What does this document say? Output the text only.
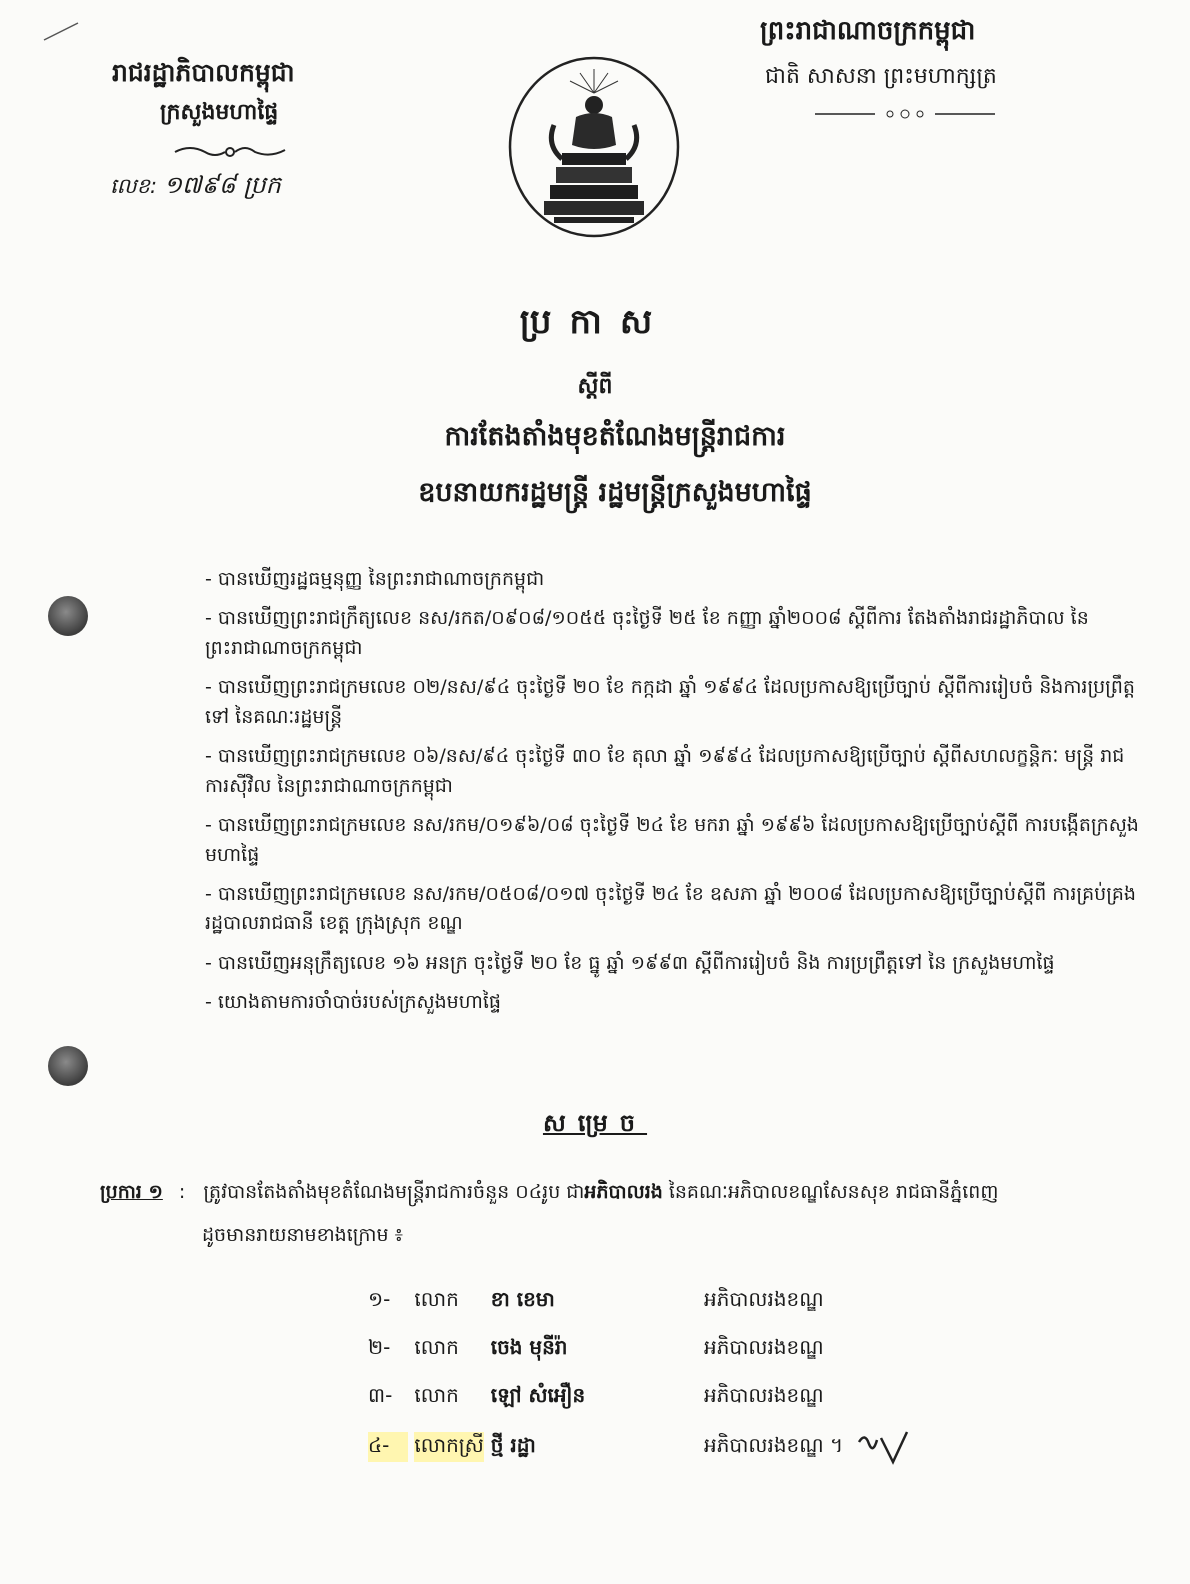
រាជរដ្ឋាភិបាលកម្ពុជា
ក្រសួងមហាផ្ទៃ
លេខ: ១៧៩៨ ប្រក
ព្រះរាជាណាចក្រកម្ពុជា
ជាតិ សាសនា ព្រះមហាក្សត្រ
ប្រកាស
ស្តីពី
ការតែងតាំងមុខតំណែងមន្ត្រីរាជការ
ឧបនាយករដ្ឋមន្ត្រី រដ្ឋមន្ត្រីក្រសួងមហាផ្ទៃ
- បានឃើញរដ្ឋធម្មនុញ្ញ នៃព្រះរាជាណាចក្រកម្ពុជា
- បានឃើញព្រះរាជក្រឹត្យលេខ នស/រកត/០៩០៨/១០៥៥ ចុះថ្ងៃទី ២៥ ខែ កញ្ញា ឆ្នាំ២០០៨ ស្តីពីការ តែងតាំងរាជរដ្ឋាភិបាល នៃព្រះរាជាណាចក្រកម្ពុជា
- បានឃើញព្រះរាជក្រមលេខ ០២/នស/៩៤ ចុះថ្ងៃទី ២០ ខែ កក្កដា ឆ្នាំ ១៩៩៤ ដែលប្រកាសឱ្យប្រើច្បាប់ ស្តីពីការរៀបចំ និងការប្រព្រឹត្តទៅ នៃគណៈរដ្ឋមន្ត្រី
- បានឃើញព្រះរាជក្រមលេខ ០៦/នស/៩៤ ចុះថ្ងៃទី ៣០ ខែ តុលា ឆ្នាំ ១៩៩៤ ដែលប្រកាសឱ្យប្រើច្បាប់ ស្តីពីសហលក្ខន្តិកៈ មន្ត្រី រាជការស៊ីវិល នៃព្រះរាជាណាចក្រកម្ពុជា
- បានឃើញព្រះរាជក្រមលេខ នស/រកម/០១៩៦/០៨ ចុះថ្ងៃទី ២៤ ខែ មករា ឆ្នាំ ១៩៩៦ ដែលប្រកាសឱ្យប្រើច្បាប់ស្តីពី ការបង្កើតក្រសួងមហាផ្ទៃ
- បានឃើញព្រះរាជក្រមលេខ នស/រកម/០៥០៨/០១៧ ចុះថ្ងៃទី ២៤ ខែ ឧសភា ឆ្នាំ ២០០៨ ដែលប្រកាសឱ្យប្រើច្បាប់ស្តីពី ការគ្រប់គ្រងរដ្ឋបាលរាជធានី ខេត្ត ក្រុងស្រុក ខណ្ឌ
- បានឃើញអនុក្រឹត្យលេខ ១៦ អនក្រ ចុះថ្ងៃទី ២០ ខែ ធ្នូ ឆ្នាំ ១៩៩៣ ស្តីពីការរៀបចំ និង ការប្រព្រឹត្តទៅ នៃ ក្រសួងមហាផ្ទៃ
- យោងតាមការចាំបាច់របស់ក្រសួងមហាផ្ទៃ
សម្រេច
ប្រការ ១ : ត្រូវបានតែងតាំងមុខតំណែងមន្ត្រីរាជការចំនួន ០៤រូប ជាអភិបាលរង នៃគណៈអភិបាលខណ្ឌសែនសុខ រាជធានីភ្នំពេញ
ដូចមានរាយនាមខាងក្រោម ៖
១- លោក ខា ខេមា	អភិបាលរងខណ្ឌ
២- លោក ចេង មុនីរ៉ា	អភិបាលរងខណ្ឌ
៣- លោក ឡៅ សំអឿន	អភិបាលរងខណ្ឌ
៤- លោកស្រី ថ្មី រដ្ឋា	អភិបាលរងខណ្ឌ ។
